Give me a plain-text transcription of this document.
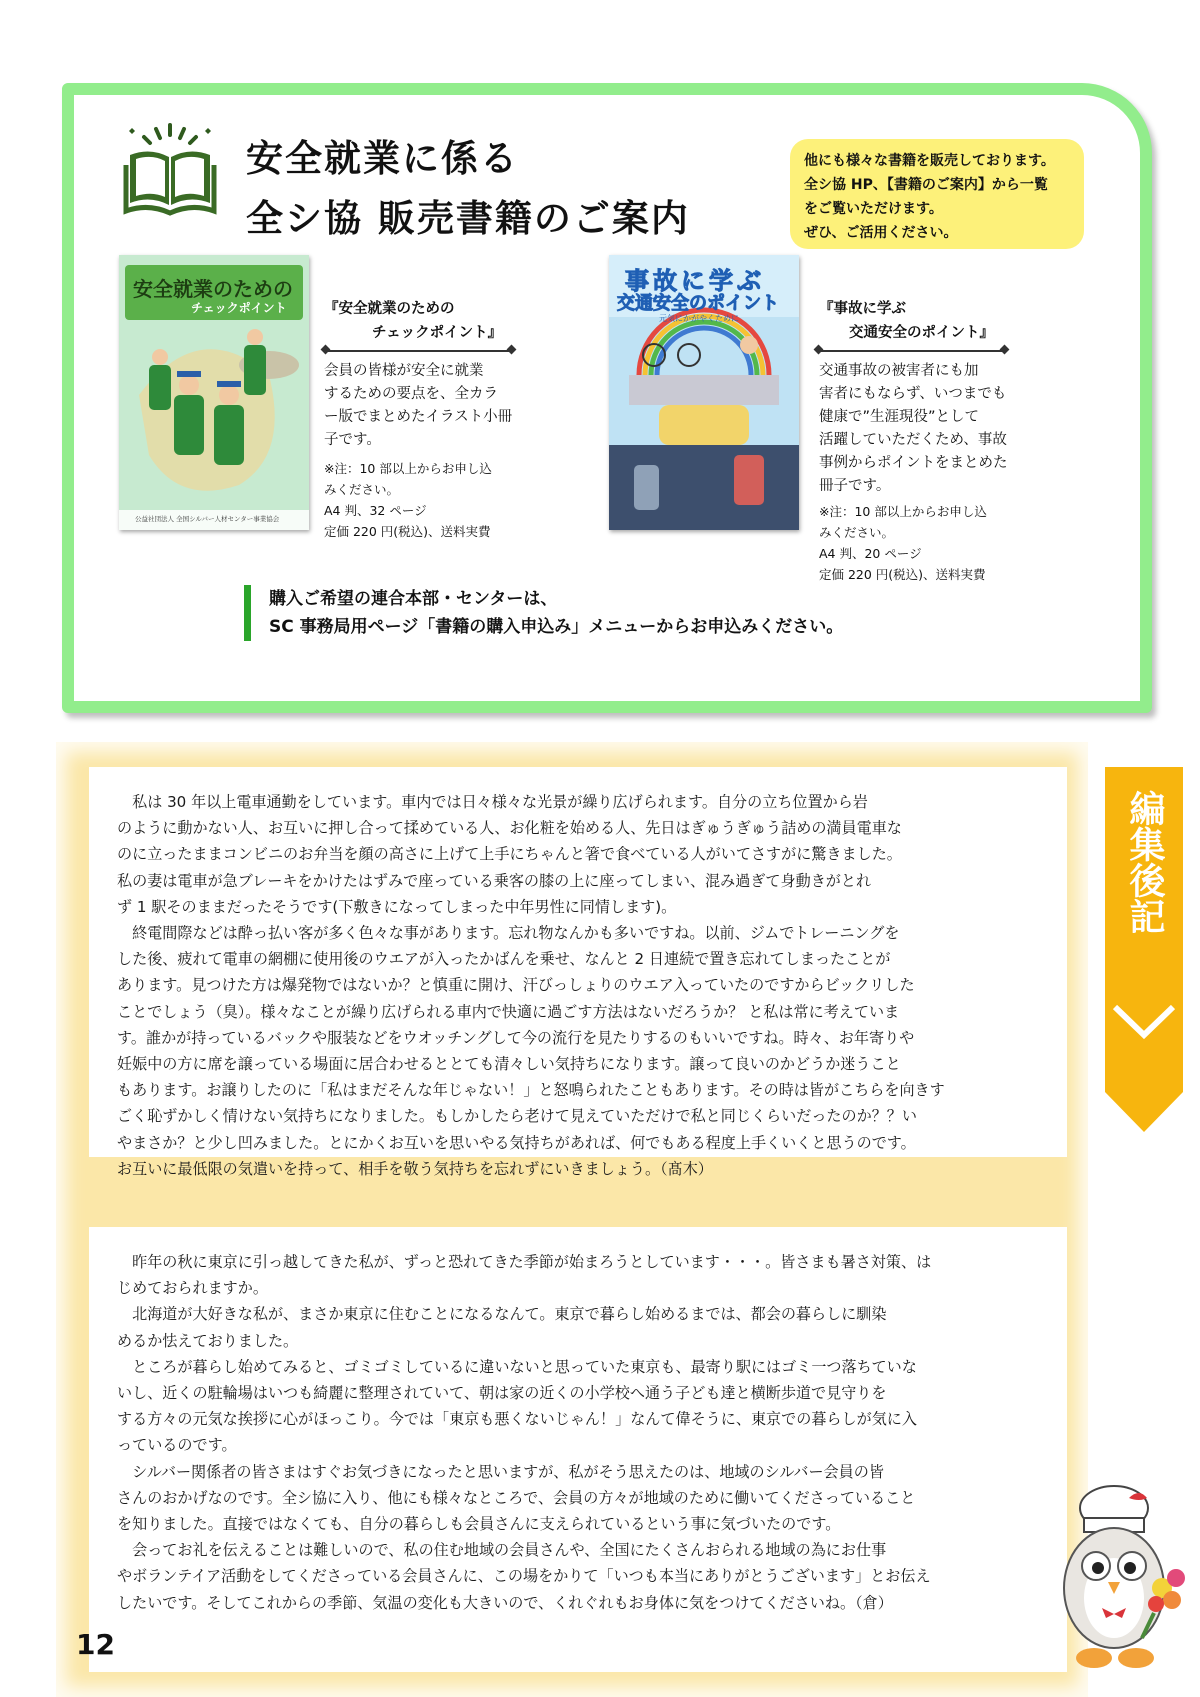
安全就業に係る
全シ協 販売書籍のご案内
他にも様々な書籍を販売しております。
全シ協 HP、【書籍のご案内】から一覧
をご覧いただけます。
ぜひ、ご活用ください。
安全就業のための
チェックポイント
公益社団法人 全国シルバー人材センター事業協会
『安全就業のための
チェックポイント』
会員の皆様が安全に就業
するための要点を、全カラ
ー版でまとめたイラスト小冊
子です。
※注：10 部以上からお申し込
みください。
A4 判、32 ページ
定価 220 円(税込)、送料実費
事故に学ぶ
交通安全のポイント
元気にかがやくために
『事故に学ぶ
交通安全のポイント』
交通事故の被害者にも加
害者にもならず、いつまでも
健康で”生涯現役”として
活躍していただくため、事故
事例からポイントをまとめた
冊子です。
※注：10 部以上からお申し込
みください。
A4 判、20 ページ
定価 220 円(税込)、送料実費
購入ご希望の連合本部・センターは、
SC 事務局用ページ「書籍の購入申込み」メニューからお申込みください。

　私は 30 年以上電車通勤をしています。車内では日々様々な光景が繰り広げられます。自分の立ち位置から岩

のように動かない人、お互いに押し合って揉めている人、お化粧を始める人、先日はぎゅうぎゅう詰めの満員電車な

のに立ったままコンビニのお弁当を顔の高さに上げて上手にちゃんと箸で食べている人がいてさすがに驚きました。

私の妻は電車が急ブレーキをかけたはずみで座っている乗客の膝の上に座ってしまい、混み過ぎて身動きがとれ

ず 1 駅そのままだったそうです(下敷きになってしまった中年男性に同情します)。

　終電間際などは酔っ払い客が多く色々な事があります。忘れ物なんかも多いですね。以前、ジムでトレーニングを

した後、疲れて電車の網棚に使用後のウエアが入ったかばんを乗せ、なんと 2 日連続で置き忘れてしまったことが

あります。見つけた方は爆発物ではないか？と慎重に開け、汗びっしょりのウエア入っていたのですからビックリした

ことでしょう（臭）。様々なことが繰り広げられる車内で快適に過ごす方法はないだろうか？ と私は常に考えていま

す。誰かが持っているバックや服装などをウオッチングして今の流行を見たりするのもいいですね。時々、お年寄りや

妊娠中の方に席を譲っている場面に居合わせるととても清々しい気持ちになります。譲って良いのかどうか迷うこと

もあります。お譲りしたのに「私はまだそんな年じゃない！」と怒鳴られたこともあります。その時は皆がこちらを向きす

ごく恥ずかしく情けない気持ちになりました。もしかしたら老けて見えていただけで私と同じくらいだったのか？？い

やまさか？と少し凹みました。とにかくお互いを思いやる気持ちがあれば、何でもある程度上手くいくと思うのです。

お互いに最低限の気遣いを持って、相手を敬う気持ちを忘れずにいきましょう。（髙木）

　昨年の秋に東京に引っ越してきた私が、ずっと恐れてきた季節が始まろうとしています・・・。皆さまも暑さ対策、は

じめておられますか。

　北海道が大好きな私が、まさか東京に住むことになるなんて。東京で暮らし始めるまでは、都会の暮らしに馴染

めるか怯えておりました。

　ところが暮らし始めてみると、ゴミゴミしているに違いないと思っていた東京も、最寄り駅にはゴミ一つ落ちていな

いし、近くの駐輪場はいつも綺麗に整理されていて、朝は家の近くの小学校へ通う子ども達と横断歩道で見守りを

する方々の元気な挨拶に心がほっこり。今では「東京も悪くないじゃん！」なんて偉そうに、東京での暮らしが気に入

っているのです。

　シルバー関係者の皆さまはすぐお気づきになったと思いますが、私がそう思えたのは、地域のシルバー会員の皆

さんのおかげなのです。全シ協に入り、他にも様々なところで、会員の方々が地域のために働いてくださっていること

を知りました。直接ではなくても、自分の暮らしも会員さんに支えられているという事に気づいたのです。

　会ってお礼を伝えることは難しいので、私の住む地域の会員さんや、全国にたくさんおられる地域の為にお仕事

やボランテイア活動をしてくださっている会員さんに、この場をかりて「いつも本当にありがとうございます」とお伝え

したいです。そしてこれからの季節、気温の変化も大きいので、くれぐれもお身体に気をつけてくださいね。（倉）

編集後記
12
